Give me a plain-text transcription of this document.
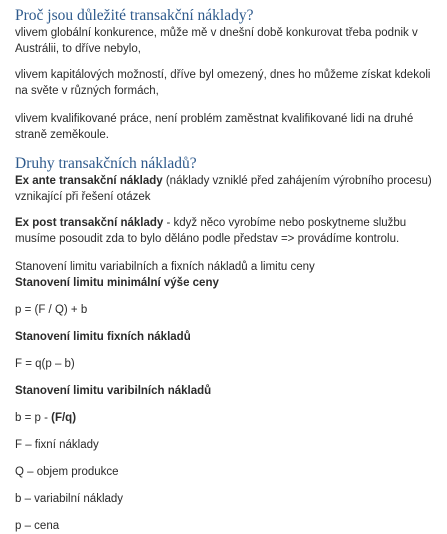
Proč jsou důležité transakční náklady?

vlivem globální konkurence, může mě v dnešní době konkurovat třeba podnik v Austrálii, to dříve nebylo,

vlivem kapitálových možností, dříve byl omezený, dnes ho můžeme získat kdekoli na světe v různých formách,

vlivem kvalifikované práce, není problém zaměstnat kvalifikované lidi na druhé straně zeměkoule.

Druhy transakčních nákladů?

Ex ante transakční náklady (náklady vzniklé před zahájením výrobního procesu) vznikající při řešení otázek

Ex post transakční náklady - když něco vyrobíme nebo poskytneme službu musíme posoudit zda to bylo děláno podle představ => provádíme kontrolu.

Stanovení limitu variabilních a fixních nákladů a limitu ceny

Stanovení limitu minimální výše ceny

p = (F / Q) + b

Stanovení limitu fixních nákladů

F = q(p – b)

Stanovení limitu varibilních nákladů

b = p - (F/q)

F – fixní náklady

Q – objem produkce

b – variabilní náklady

p – cena
